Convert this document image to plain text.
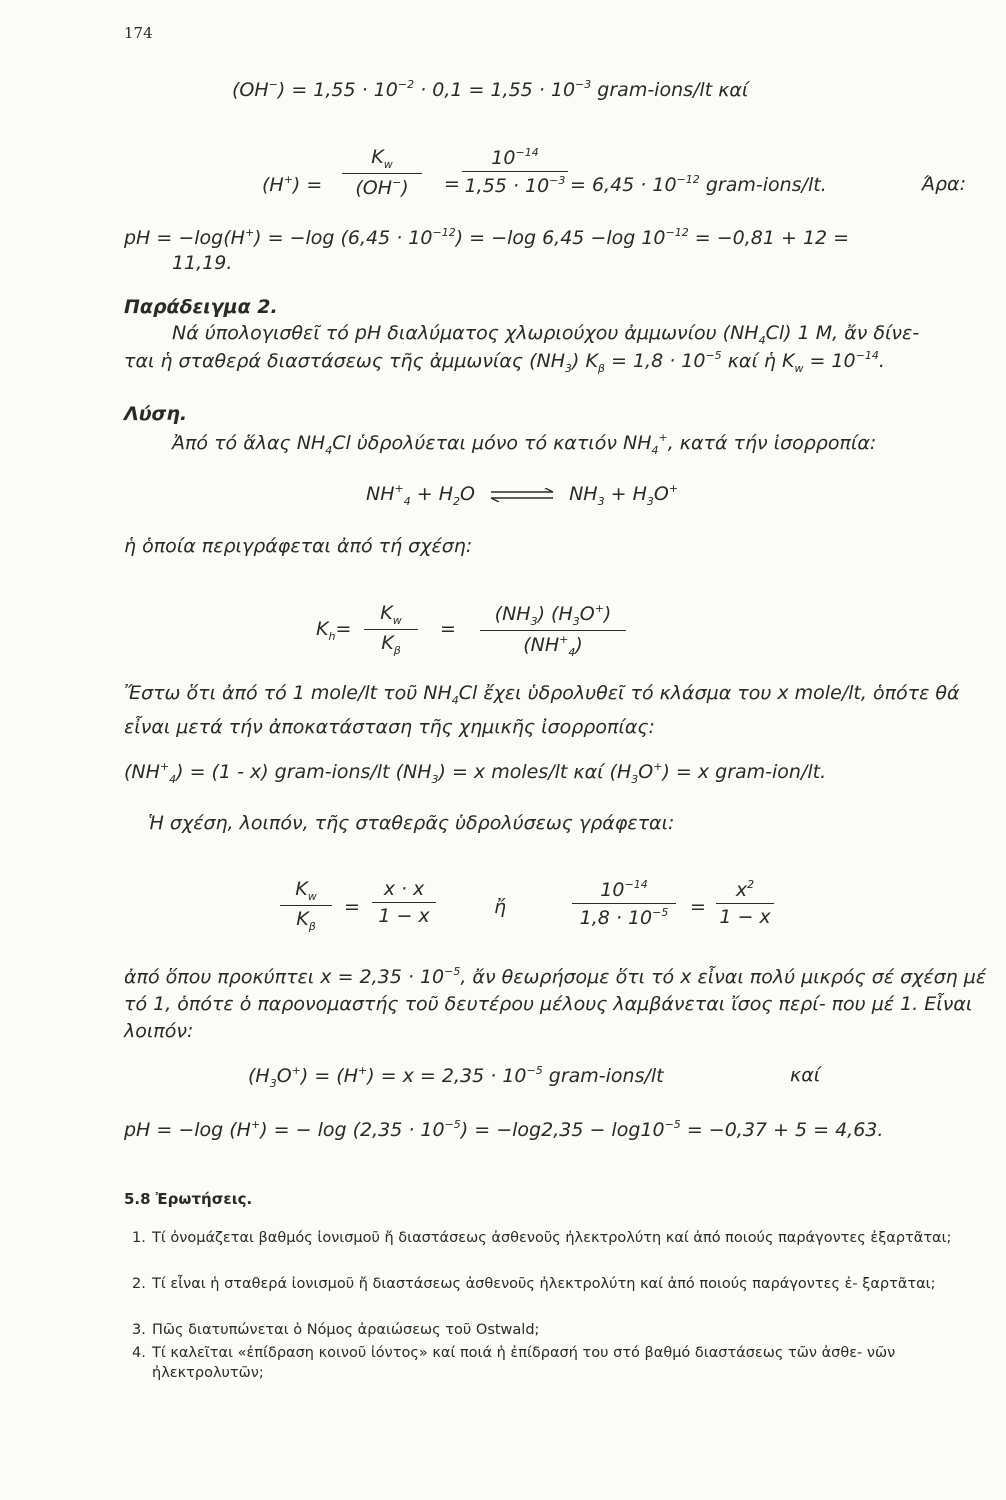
174
$(OH^-) = 1,55 \cdot 10^{-2} \cdot 0,1 = 1,55 \cdot 10^{-3}$ gram-ions/lt καί
(H+) =
$K_w$
(OH−) =
$10^{-14}$
$1,55 \cdot 10^{-3} = 6,45 \cdot 10^{-12}$ gram-ions/lt.	Άρα:
pH = −log(H+) = −log $(6,45 \cdot 10^{-12}) = -\log$ 6,45 −log $10^{-12} = -0,81 + 12$ =
11,19.
Παράδειγμα 2.
Νά ύπολογισθεῖ τό pH διαλύματος χλωριούχου ἀμμωνίου $(NH_4Cl)$ 1 M, ἄν δίνε-
ται ἡ σταθερά διαστάσεως τῆς ἀμμωνίας $(NH_3) K_\beta = 1,8 \cdot 10^{-5}$ καί ἡ $K_w = 10^{-14}$.
Λύση.
Ἀπό τό ἅλας $NH_4Cl$ ὑδρολύεται μόνο τό κατιόν $NH_4^+$, κατά τήν ἰσορροπία:
$NH^+_4 + H_2O$ ⇌ $NH_3 + H_3O^+$
ἡ ὁποία περιγράφεται ἀπό τή σχέση:
$K_h=$
$K_w$
$K_\beta$
=
$(NH_3)$ $(H_3O^+)$
$(NH^+_4)$
Ἔστω ὅτι ἀπό τό 1 mole/lt τοῦ $NH_4Cl$ ἔχει ὑδρολυθεῖ τό κλάσμα του x mole/lt, ὁπότε θά εἶναι μετά τήν ἀποκατάσταση τῆς χημικῆς ἰσορροπίας:
$(NH^+_4) = (1 - x)$ gram-ions/lt $(NH_3) = x$ moles/lt καί $(H_3O^+) = x$ gram-ion/lt.
Ἡ σχέση, λοιπόν, τῆς σταθερᾶς ὑδρολύσεως γράφεται:
$K_w$
$K_\beta$
=
x · x
1 − x	ἤ
$10^{-14}$
$1,8 \cdot 10^{-5}$ =
$x^2$
1 − x
ἀπό ὅπου προκύπτει $x = 2,35 \cdot 10^{-5}$, ἄν θεωρήσομε ὅτι τό x εἶναι πολύ μικρός σέ σχέση μέ τό 1, ὁπότε ὁ παρονομαστής τοῦ δευτέρου μέλους λαμβάνεται ἴσος περί- που μέ 1. Εἶναι λοιπόν:
$(H_3O^+) = (H^+) = x = 2,35 \cdot 10^{-5}$ gram-ions/lt	καί
pH = −log (H+) = − $\log (2,35 \cdot 10^{-5}) = -\log 2,35 - \log 10^{-5} = -0,37 + 5 = 4,63$.
5.8 Ἐρωτήσεις.
1. Τί ὀνομάζεται βαθμός ἰονισμοῦ ἤ διαστάσεως ἀσθενοῦς ἠλεκτρολύτη καί ἀπό ποιούς παράγοντες ἐξαρτᾶται;
2. Τί εἶναι ἡ σταθερά ἰονισμοῦ ἤ διαστάσεως ἀσθενοῦς ἠλεκτρολύτη καί ἀπό ποιούς παράγοντες ἐ- ξαρτᾶται;
3. Πῶς διατυπώνεται ὁ Νόμος ἀραιώσεως τοῦ Ostwald;
4. Τί καλεῖται «ἐπίδραση κοινοῦ ἰόντος» καί ποιά ἡ ἐπίδρασή του στό βαθμό διαστάσεως τῶν ἀσθε- νῶν ἠλεκτρολυτῶν;
